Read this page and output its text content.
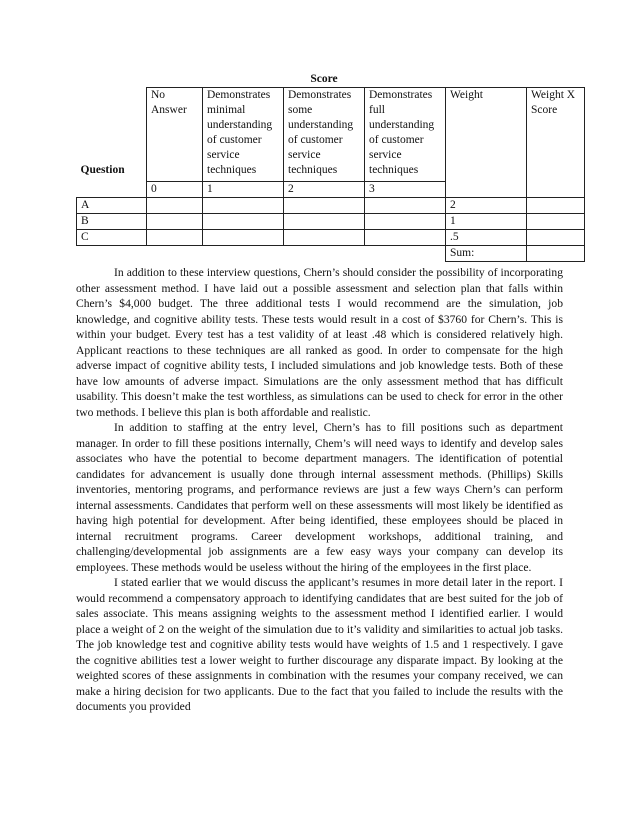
			Score				
Question	No Answer	Demonstrates minimal understanding of customer service techniques	Demonstrates some understanding of customer service techniques	Demonstrates full understanding of customer service techniques	Weight	Weight X Score	
	0	1	2	3			
A					2		
B					1		
C					.5		
					Sum:		

In addition to these interview questions, Chern’s should consider the possibility of incorporating other assessment method. I have laid out a possible assessment and selection plan that falls within Chern’s $4,000 budget. The three additional tests I would recommend are the simulation, job knowledge, and cognitive ability tests. These tests would result in a cost of $3760 for Chern’s. This is within your budget. Every test has a test validity of at least .48 which is considered relatively high. Applicant reactions to these techniques are all ranked as good. In order to compensate for the high adverse impact of cognitive ability tests, I included simulations and job knowledge tests. Both of these have low amounts of adverse impact. Simulations are the only assessment method that has difficult usability. This doesn’t make the test worthless, as simulations can be used to check for error in the other two methods. I believe this plan is both affordable and realistic.

In addition to staffing at the entry level, Chern’s has to fill positions such as department manager. In order to fill these positions internally, Chem’s will need ways to identify and develop sales associates who have the potential to become department managers. The identification of potential candidates for advancement is usually done through internal assessment methods. (Phillips) Skills inventories, mentoring programs, and performance reviews are just a few ways Chern’s can perform internal assessments. Candidates that perform well on these assessments will most likely be identified as having high potential for development. After being identified, these employees should be placed in internal recruitment programs. Career development workshops, additional training, and challenging/developmental job assignments are a few easy ways your company can develop its employees. These methods would be useless without the hiring of the employees in the first place.

I stated earlier that we would discuss the applicant’s resumes in more detail later in the report. I would recommend a compensatory approach to identifying candidates that are best suited for the job of sales associate. This means assigning weights to the assessment method I identified earlier. I would place a weight of 2 on the weight of the simulation due to it’s validity and similarities to actual job tasks. The job knowledge test and cognitive ability tests would have weights of 1.5 and 1 respectively. I gave the cognitive abilities test a lower weight to further discourage any disparate impact. By looking at the weighted scores of these assignments in combination with the resumes your company received, we can make a hiring decision for two applicants. Due to the fact that you failed to include the results with the documents you provided
